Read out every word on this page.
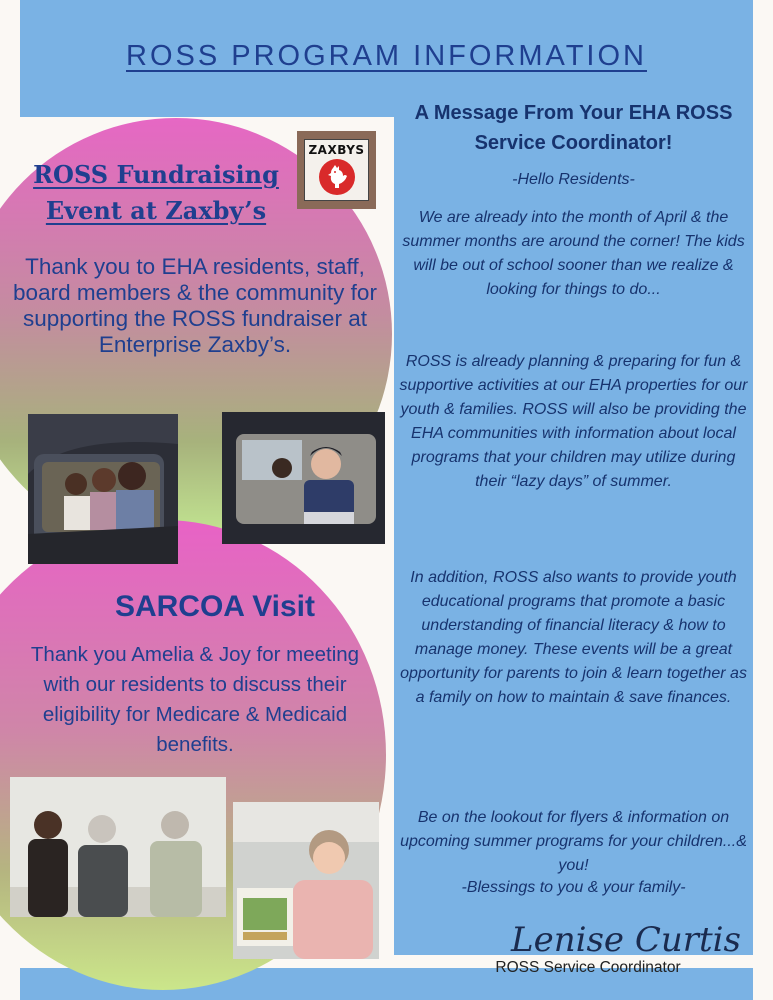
ROSS PROGRAM INFORMATION
ZAXBYS
ROSS Fundraising Event at Zaxby’s
Thank you to EHA residents, staff, board members & the community for supporting the ROSS fundraiser at Enterprise Zaxby’s.
SARCOA Visit
Thank you Amelia & Joy for meeting with our residents to discuss their eligibility for Medicare & Medicaid benefits.
A Message From Your EHA ROSS Service Coordinator!
-Hello Residents-

We are already into the month of April & the summer months are around the corner! The kids will be out of school sooner than we realize & looking for things to do...

ROSS is already planning & preparing for fun & supportive activities at our EHA properties for our youth & families. ROSS will also be providing the EHA communities with information about local programs that your children may utilize during their “lazy days” of summer.

In addition, ROSS also wants to provide youth educational programs that promote a basic understanding of financial literacy & how to manage money. These events will be a great opportunity for parents to join & learn together as a family on how to maintain & save finances.

Be on the lookout for flyers & information on upcoming summer programs for your children...& you!

-Blessings to you & your family-
Lenise Curtis
ROSS Service Coordinator
